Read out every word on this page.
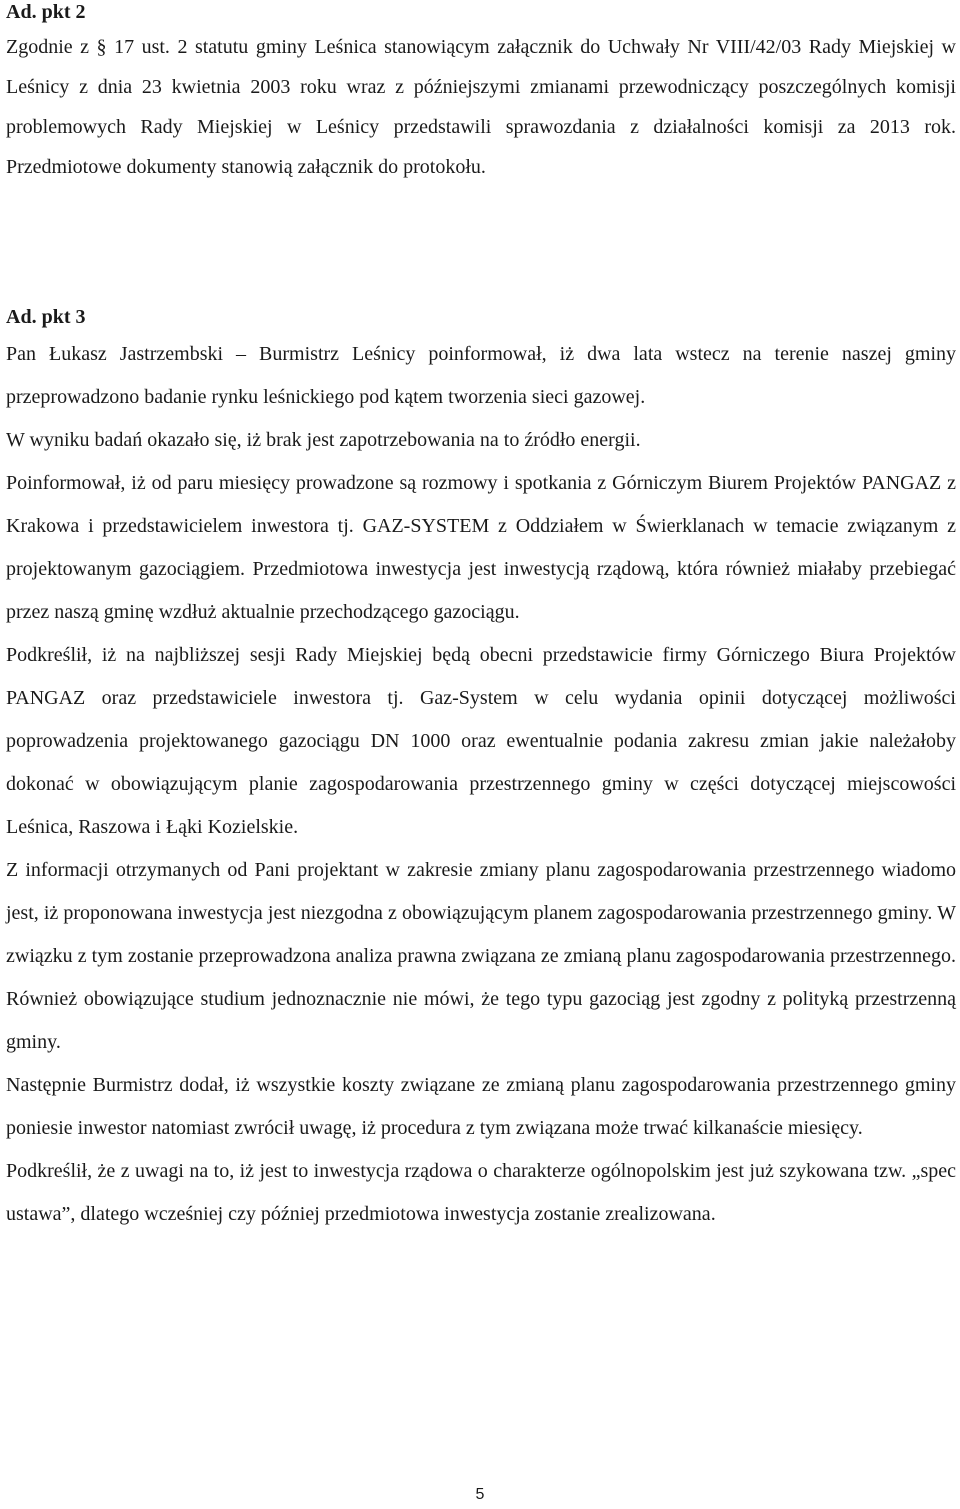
Ad. pkt 2

Zgodnie z § 17 ust. 2 statutu gminy Leśnica stanowiącym załącznik do Uchwały Nr VIII/42/03 Rady Miejskiej w Leśnicy z dnia 23 kwietnia 2003 roku wraz z późniejszymi zmianami przewodniczący poszczególnych komisji problemowych Rady Miejskiej w Leśnicy przedstawili sprawozdania z działalności komisji za 2013 rok. Przedmiotowe dokumenty stanowią załącznik do protokołu.

Ad. pkt 3

Pan Łukasz Jastrzembski – Burmistrz Leśnicy poinformował, iż dwa lata wstecz na terenie naszej gminy przeprowadzono badanie rynku leśnickiego pod kątem tworzenia sieci gazowej.

W wyniku badań okazało się, iż brak jest zapotrzebowania na to źródło energii.

Poinformował, iż od paru miesięcy prowadzone są rozmowy i spotkania z Górniczym Biurem Projektów PANGAZ z Krakowa i przedstawicielem inwestora tj. GAZ-SYSTEM z Oddziałem w Świerklanach w temacie związanym z projektowanym gazociągiem. Przedmiotowa inwestycja jest inwestycją rządową, która również miałaby przebiegać przez naszą gminę wzdłuż aktualnie przechodzącego gazociągu.

Podkreślił, iż na najbliższej sesji Rady Miejskiej będą obecni przedstawicie firmy Górniczego Biura Projektów PANGAZ oraz przedstawiciele inwestora tj. Gaz-System w celu wydania opinii dotyczącej możliwości poprowadzenia projektowanego gazociągu DN 1000 oraz ewentualnie podania zakresu zmian jakie należałoby dokonać w obowiązującym planie zagospodarowania przestrzennego gminy w części dotyczącej miejscowości Leśnica, Raszowa i Łąki Kozielskie.

Z informacji otrzymanych od Pani projektant w zakresie zmiany planu zagospodarowania przestrzennego wiadomo jest, iż proponowana inwestycja jest niezgodna z obowiązującym planem zagospodarowania przestrzennego gminy. W związku z tym zostanie przeprowadzona analiza prawna związana ze zmianą planu zagospodarowania przestrzennego. Również obowiązujące studium jednoznacznie nie mówi, że tego typu gazociąg jest zgodny z polityką przestrzenną gminy.

Następnie Burmistrz dodał, iż wszystkie koszty związane ze zmianą planu zagospodarowania przestrzennego gminy poniesie inwestor natomiast zwrócił uwagę, iż procedura z tym związana może trwać kilkanaście miesięcy.

Podkreślił, że z uwagi na to, iż jest to inwestycja rządowa o charakterze ogólnopolskim jest już szykowana tzw. „spec ustawa”, dlatego wcześniej czy później przedmiotowa inwestycja zostanie zrealizowana.

5
